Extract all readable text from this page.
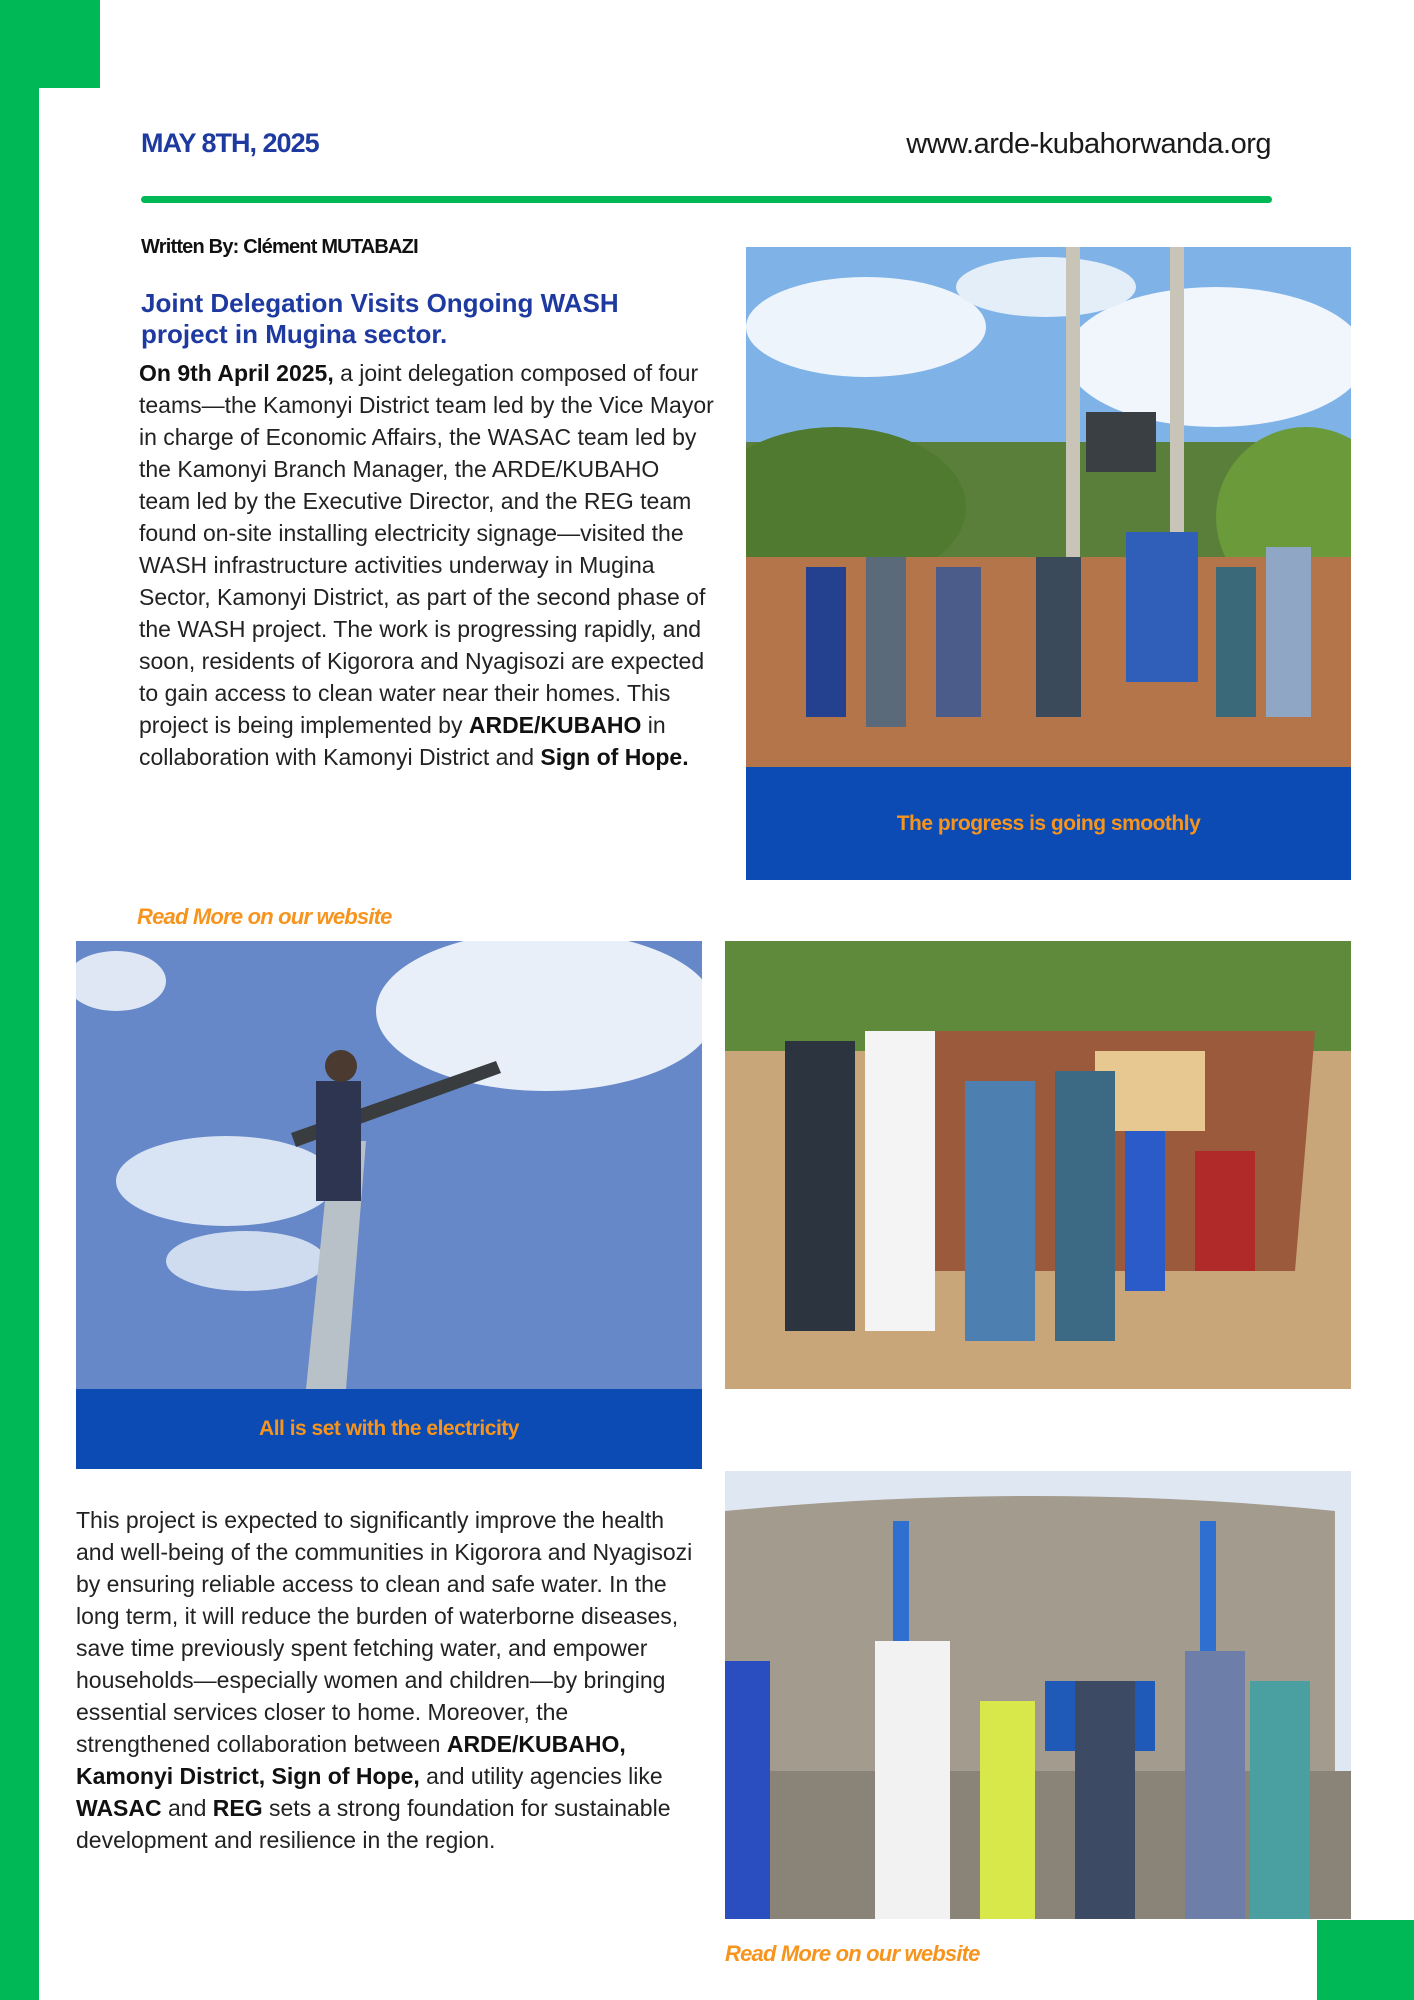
MAY 8TH, 2025	www.arde-kubahorwanda.org
Written By: Clément MUTABAZI
Joint Delegation Visits Ongoing WASH project in Mugina sector.
On 9th April 2025, a joint delegation composed of four teams—the Kamonyi District team led by the Vice Mayor in charge of Economic Affairs, the WASAC team led by the Kamonyi Branch Manager, the ARDE/KUBAHO team led by the Executive Director, and the REG team found on-site installing electricity signage—visited the WASH infrastructure activities underway in Mugina Sector, Kamonyi District, as part of the second phase of the WASH project. The work is progressing rapidly, and soon, residents of Kigorora and Nyagisozi are expected to gain access to clean water near their homes. This project is being implemented by ARDE/KUBAHO in collaboration with Kamonyi District and Sign of Hope.
Read More on our website
The progress is going smoothly
All is set with the electricity
This project is expected to significantly improve the health and well-being of the communities in Kigorora and Nyagisozi by ensuring reliable access to clean and safe water. In the long term, it will reduce the burden of waterborne diseases, save time previously spent fetching water, and empower households—especially women and children—by bringing essential services closer to home. Moreover, the strengthened collaboration between ARDE/KUBAHO, Kamonyi District, Sign of Hope, and utility agencies like WASAC and REG sets a strong foundation for sustainable development and resilience in the region.
Read More on our website
